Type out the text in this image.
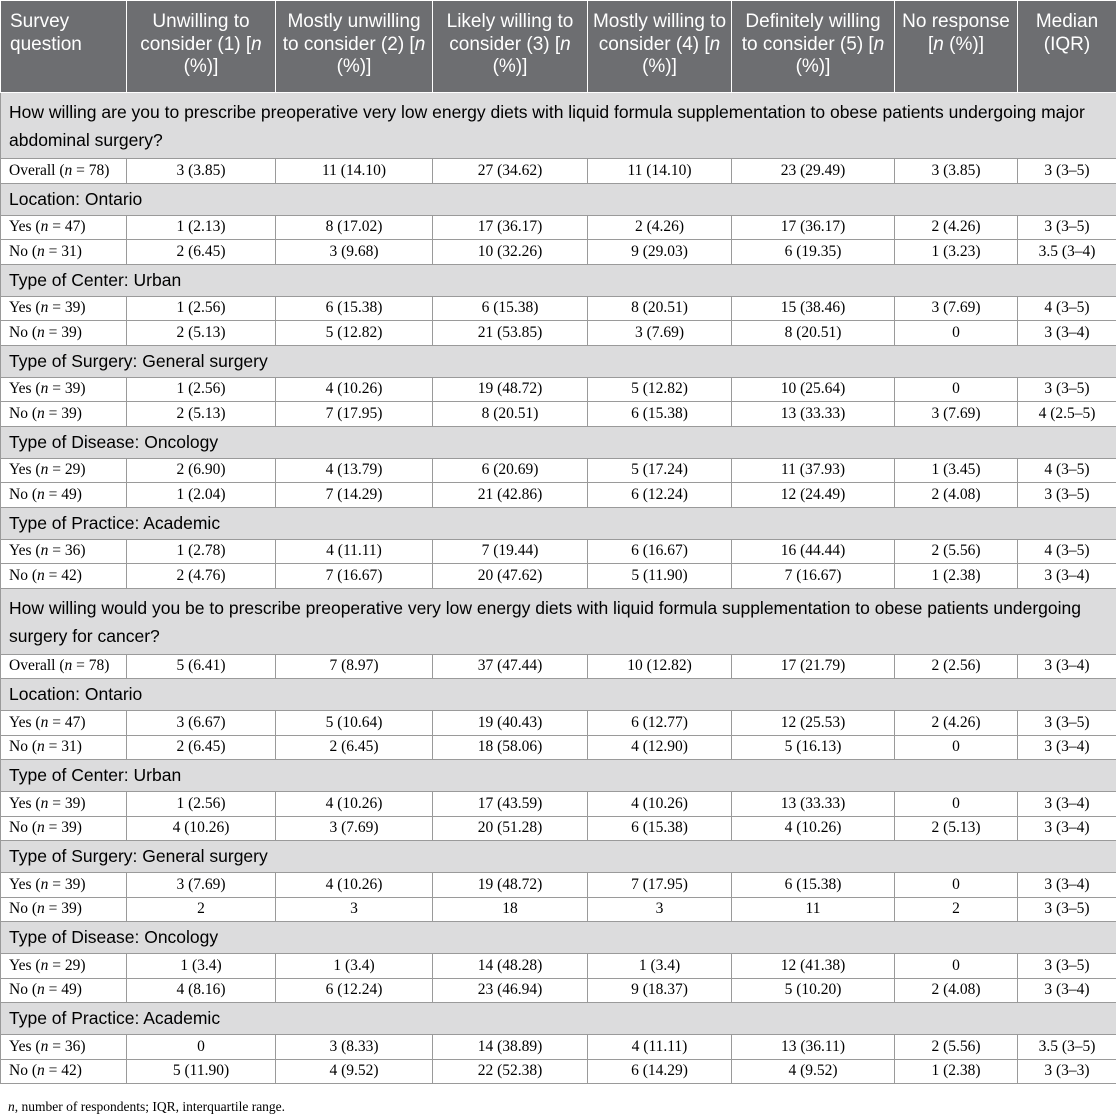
Survey question	Unwilling to consider (1) [n (%)]	Mostly unwilling to consider (2) [n (%)]	Likely willing to consider (3) [n (%)]	Mostly willing to consider (4) [n (%)]	Definitely willing to consider (5) [n (%)]	No response [n (%)]	Median (IQR)
How willing are you to prescribe preoperative very low energy diets with liquid formula supplementation to obese patients undergoing major abdominal surgery?							
Overall (n = 78)	3 (3.85)	11 (14.10)	27 (34.62)	11 (14.10)	23 (29.49)	3 (3.85)	3 (3–5)
Location: Ontario							
Yes (n = 47)	1 (2.13)	8 (17.02)	17 (36.17)	2 (4.26)	17 (36.17)	2 (4.26)	3 (3–5)
No (n = 31)	2 (6.45)	3 (9.68)	10 (32.26)	9 (29.03)	6 (19.35)	1 (3.23)	3.5 (3–4)
Type of Center: Urban							
Yes (n = 39)	1 (2.56)	6 (15.38)	6 (15.38)	8 (20.51)	15 (38.46)	3 (7.69)	4 (3–5)
No (n = 39)	2 (5.13)	5 (12.82)	21 (53.85)	3 (7.69)	8 (20.51)	0	3 (3–4)
Type of Surgery: General surgery							
Yes (n = 39)	1 (2.56)	4 (10.26)	19 (48.72)	5 (12.82)	10 (25.64)	0	3 (3–5)
No (n = 39)	2 (5.13)	7 (17.95)	8 (20.51)	6 (15.38)	13 (33.33)	3 (7.69)	4 (2.5–5)
Type of Disease: Oncology							
Yes (n = 29)	2 (6.90)	4 (13.79)	6 (20.69)	5 (17.24)	11 (37.93)	1 (3.45)	4 (3–5)
No (n = 49)	1 (2.04)	7 (14.29)	21 (42.86)	6 (12.24)	12 (24.49)	2 (4.08)	3 (3–5)
Type of Practice: Academic							
Yes (n = 36)	1 (2.78)	4 (11.11)	7 (19.44)	6 (16.67)	16 (44.44)	2 (5.56)	4 (3–5)
No (n = 42)	2 (4.76)	7 (16.67)	20 (47.62)	5 (11.90)	7 (16.67)	1 (2.38)	3 (3–4)
How willing would you be to prescribe preoperative very low energy diets with liquid formula supplementation to obese patients undergoing surgery for cancer?							
Overall (n = 78)	5 (6.41)	7 (8.97)	37 (47.44)	10 (12.82)	17 (21.79)	2 (2.56)	3 (3–4)
Location: Ontario							
Yes (n = 47)	3 (6.67)	5 (10.64)	19 (40.43)	6 (12.77)	12 (25.53)	2 (4.26)	3 (3–5)
No (n = 31)	2 (6.45)	2 (6.45)	18 (58.06)	4 (12.90)	5 (16.13)	0	3 (3–4)
Type of Center: Urban							
Yes (n = 39)	1 (2.56)	4 (10.26)	17 (43.59)	4 (10.26)	13 (33.33)	0	3 (3–4)
No (n = 39)	4 (10.26)	3 (7.69)	20 (51.28)	6 (15.38)	4 (10.26)	2 (5.13)	3 (3–4)
Type of Surgery: General surgery							
Yes (n = 39)	3 (7.69)	4 (10.26)	19 (48.72)	7 (17.95)	6 (15.38)	0	3 (3–4)
No (n = 39)	2	3	18	3	11	2	3 (3–5)
Type of Disease: Oncology							
Yes (n = 29)	1 (3.4)	1 (3.4)	14 (48.28)	1 (3.4)	12 (41.38)	0	3 (3–5)
No (n = 49)	4 (8.16)	6 (12.24)	23 (46.94)	9 (18.37)	5 (10.20)	2 (4.08)	3 (3–4)
Type of Practice: Academic							
Yes (n = 36)	0	3 (8.33)	14 (38.89)	4 (11.11)	13 (36.11)	2 (5.56)	3.5 (3–5)
No (n = 42)	5 (11.90)	4 (9.52)	22 (52.38)	6 (14.29)	4 (9.52)	1 (2.38)	3 (3–3)
n, number of respondents; IQR, interquartile range.
